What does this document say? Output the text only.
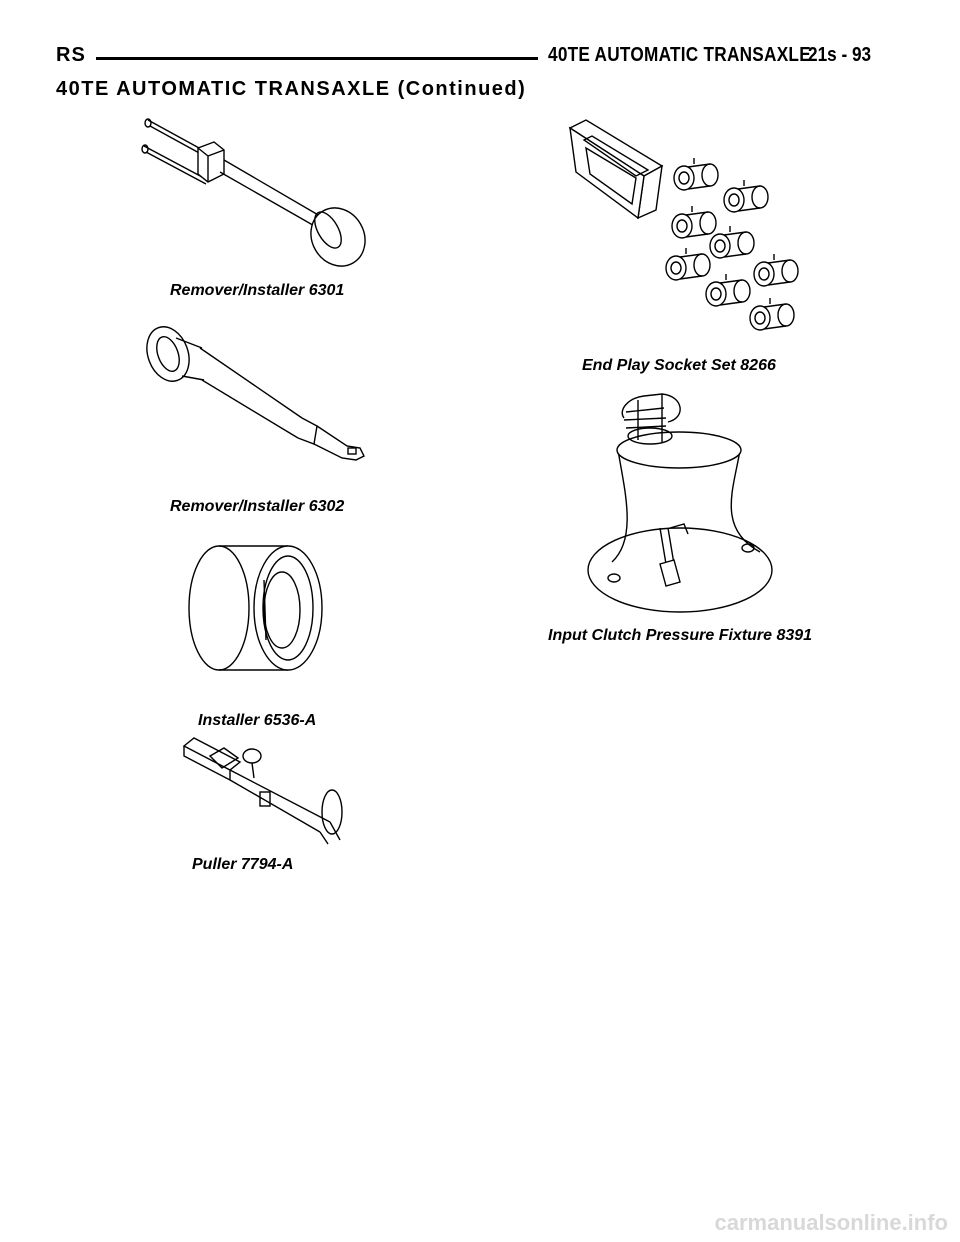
RS	40TE AUTOMATIC TRANSAXLE
21s - 93
40TE AUTOMATIC TRANSAXLE (Continued)
Remover/Installer 6301
Remover/Installer 6302
Installer 6536-A
Puller 7794-A
End Play Socket Set 8266
Input Clutch Pressure Fixture 8391
carmanualsonline.info
